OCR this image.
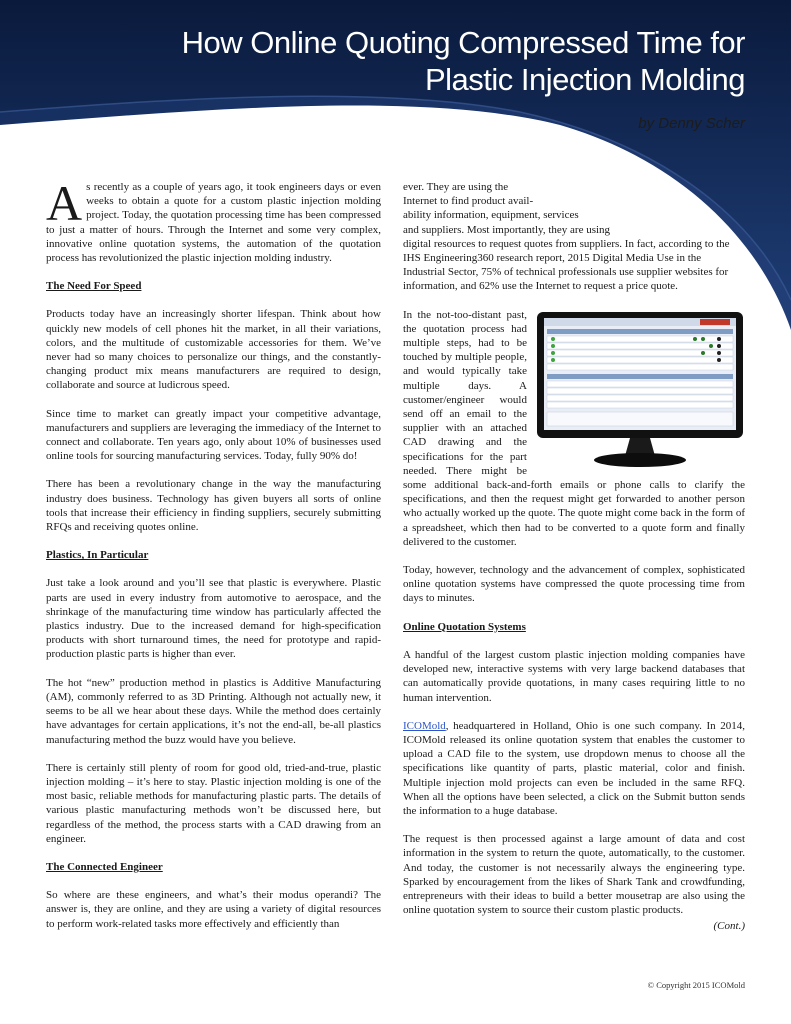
How Online Quoting Compressed Time for Plastic Injection Molding

by Denny Scher

As recently as a couple of years ago, it took engineers days or even weeks to obtain a quote for a custom plastic injection molding project. Today, the quotation processing time has been compressed to just a matter of hours. Through the Internet and some very complex, innovative online quotation systems, the automation of the quotation process has revolutionized the plastic injection molding industry.

The Need For Speed

Products today have an increasingly shorter lifespan. Think about how quickly new models of cell phones hit the market, in all their variations, colors, and the multitude of customizable accessories for them. We’ve never had so many choices to personalize our things, and the constantly-changing product mix means manufacturers are required to design, collaborate and source at ludicrous speed.

Since time to market can greatly impact your competitive advantage, manufacturers and suppliers are leveraging the immediacy of the Internet to connect and collaborate. Ten years ago, only about 10% of businesses used online tools for sourcing manufacturing services. Today, fully 90% do!

There has been a revolutionary change in the way the manufacturing industry does business. Technology has given buyers all sorts of online tools that increase their efficiency in finding suppliers, securely submitting RFQs and receiving quotes online.

Plastics, In Particular

Just take a look around and you’ll see that plastic is everywhere. Plastic parts are used in every industry from automotive to aerospace, and the shrinkage of the manufacturing time window has particularly affected the plastics industry. Due to the increased demand for high-specification products with short turnaround times, the need for prototype and rapid-production plastic parts is higher than ever.

The hot “new” production method in plastics is Additive Manufacturing (AM), commonly referred to as 3D Printing. Although not actually new, it seems to be all we hear about these days. While the method does certainly have advantages for certain applications, it’s not the end-all, be-all plastics manufacturing method the buzz would have you believe.

There is certainly still plenty of room for good old, tried-and-true, plastic injection molding – it’s here to stay. Plastic injection molding is one of the most basic, reliable methods for manufacturing plastic parts. The details of various plastic manufacturing methods won’t be discussed here, but regardless of the method, the process starts with a CAD drawing from an engineer.

The Connected Engineer

So where are these engineers, and what’s their modus operandi? The answer is, they are online, and they are using a variety of digital resources to perform work-related tasks more effectively and efficiently than

ever. They are using the
Internet to find product avail-
ability information, equipment, services
and suppliers. Most importantly, they are using
digital resources to request quotes from suppliers. In fact, according to the IHS Engineering360 research report, 2015 Digital Media Use in the Industrial Sector, 75% of technical professionals use supplier websites for information, and 62% use the Internet to request a price quote.

In the not-too-distant past, the quotation process had multiple steps, had to be touched by multiple people, and would typically take multiple days. A customer/engineer would send off an email to the supplier with an attached CAD drawing and the specifications for the part needed. There might be some additional back-and-forth emails or phone calls to clarify the specifications, and then the request might get forwarded to another person who actually worked up the quote. The quote might come back in the form of a spreadsheet, which then had to be converted to a quote form and finally delivered to the customer.

Today, however, technology and the advancement of complex, sophisticated online quotation systems have compressed the quote processing time from days to minutes.

Online Quotation Systems

A handful of the largest custom plastic injection molding companies have developed new, interactive systems with very large backend databases that can automatically provide quotations, in many cases requiring little to no human intervention.

ICOMold, headquartered in Holland, Ohio is one such company. In 2014, ICOMold released its online quotation system that enables the customer to upload a CAD file to the system, use dropdown menus to choose all the specifications like quantity of parts, plastic material, color and finish. Multiple injection mold projects can even be included in the same RFQ. When all the options have been selected, a click on the Submit button sends the information to a huge database.

The request is then processed against a large amount of data and cost information in the system to return the quote, automatically, to the customer. And today, the customer is not necessarily always the engineering type. Sparked by encouragement from the likes of Shark Tank and crowdfunding, entrepreneurs with their ideas to build a better mousetrap are also using the online quotation system to source their custom plastic products.

(Cont.)
© Copyright 2015 ICOMold
